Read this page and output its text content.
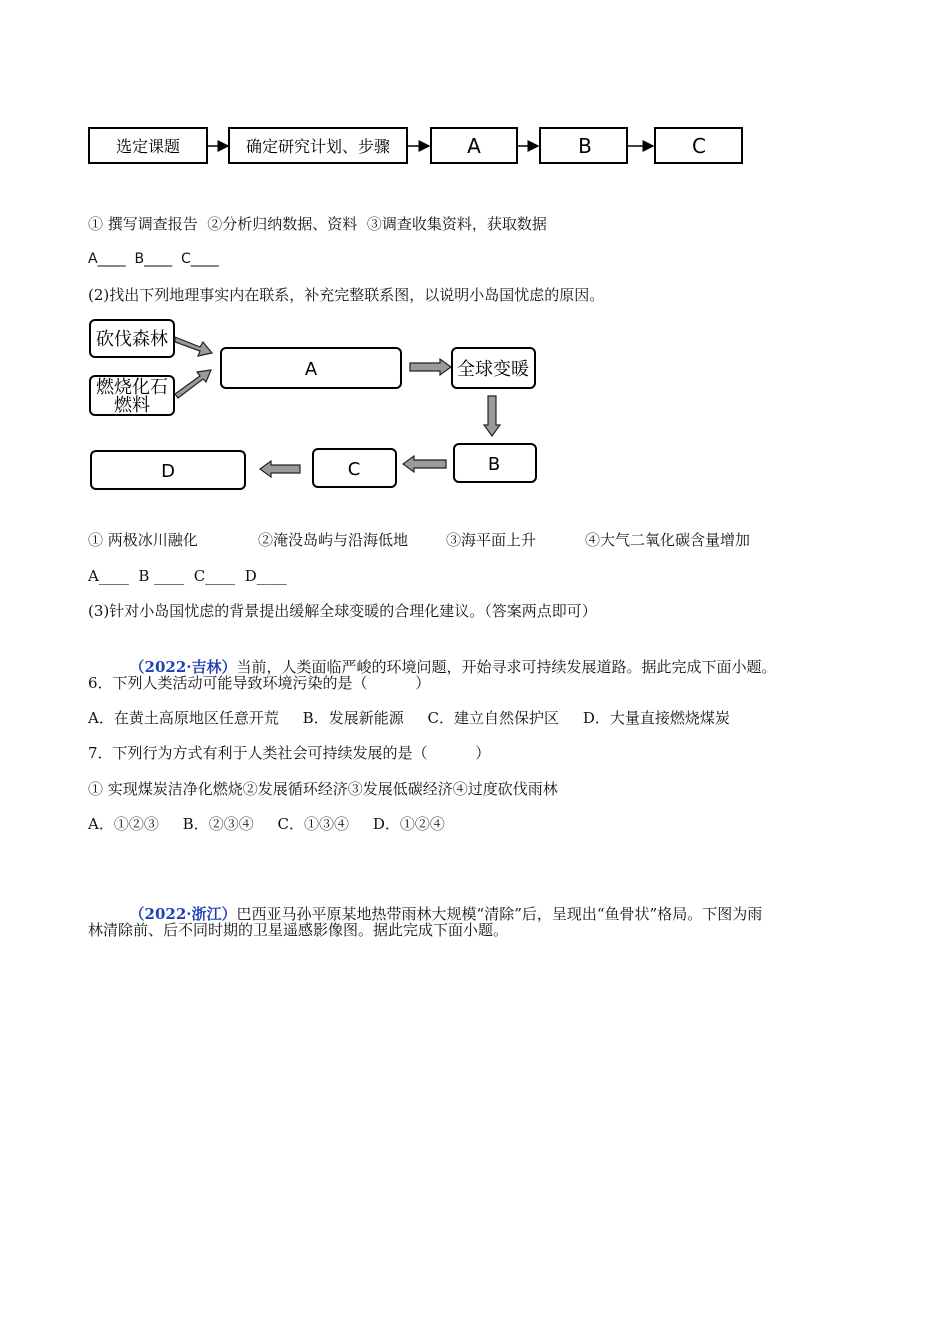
选定课题	确定研究计划、步骤	A	B	C
① 撰写调查报告  ②分析归纳数据、资料  ③调查收集资料，获取数据
A____  B____  C____
(2)找出下列地理事实内在联系，补充完整联系图，以说明小岛国忧虑的原因。
砍伐森林
燃烧化石
燃料
A	全球变暖
B
C
D
① 两极冰川融化	②淹没岛屿与沿海低地	③海平面上升	④大气二氧化碳含量增加
A____  B ____  C____  D____
(3)针对小岛国忧虑的背景提出缓解全球变暖的合理化建议。（答案两点即可）

（2022·吉林）当前，人类面临严峻的环境问题，开始寻求可持续发展道路。据此完成下面小题。

6．下列人类活动可能导致环境污染的是（          ）
A．在黄土高原地区任意开荒     B．发展新能源     C．建立自然保护区     D．大量直接燃烧煤炭
7．下列行为方式有利于人类社会可持续发展的是（          ）
① 实现煤炭洁净化燃烧②发展循环经济③发展低碳经济④过度砍伐雨林
A．①②③     B．②③④     C．①③④     D．①②④

（2022·浙江）巴西亚马孙平原某地热带雨林大规模“清除”后，呈现出“鱼骨状”格局。下图为雨

林清除前、后不同时期的卫星遥感影像图。据此完成下面小题。
